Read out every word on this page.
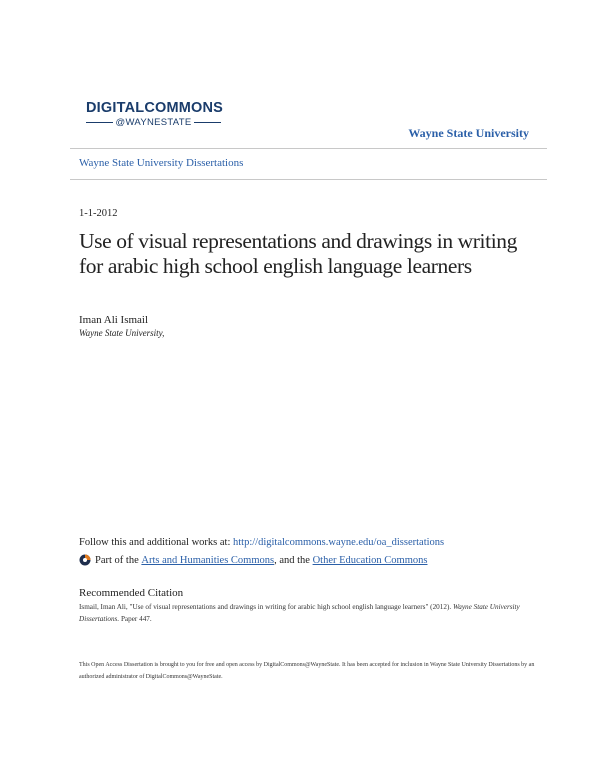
DIGITALCOMMONS
@WAYNESTATE
Wayne State University
Wayne State University Dissertations
1-1-2012
Use of visual representations and drawings in writing for arabic high school english language learners
Iman Ali Ismail
Wayne State University,
Follow this and additional works at: http://digitalcommons.wayne.edu/oa_dissertations
Part of the
Arts and Humanities Commons , and the
Other Education Commons
Recommended Citation
Ismail, Iman Ali, "Use of visual representations and drawings in writing for arabic high school english language learners" (2012). Wayne State University Dissertations. Paper 447.
This Open Access Dissertation is brought to you for free and open access by DigitalCommons@WayneState. It has been accepted for inclusion in Wayne State University Dissertations by an authorized administrator of DigitalCommons@WayneState.
